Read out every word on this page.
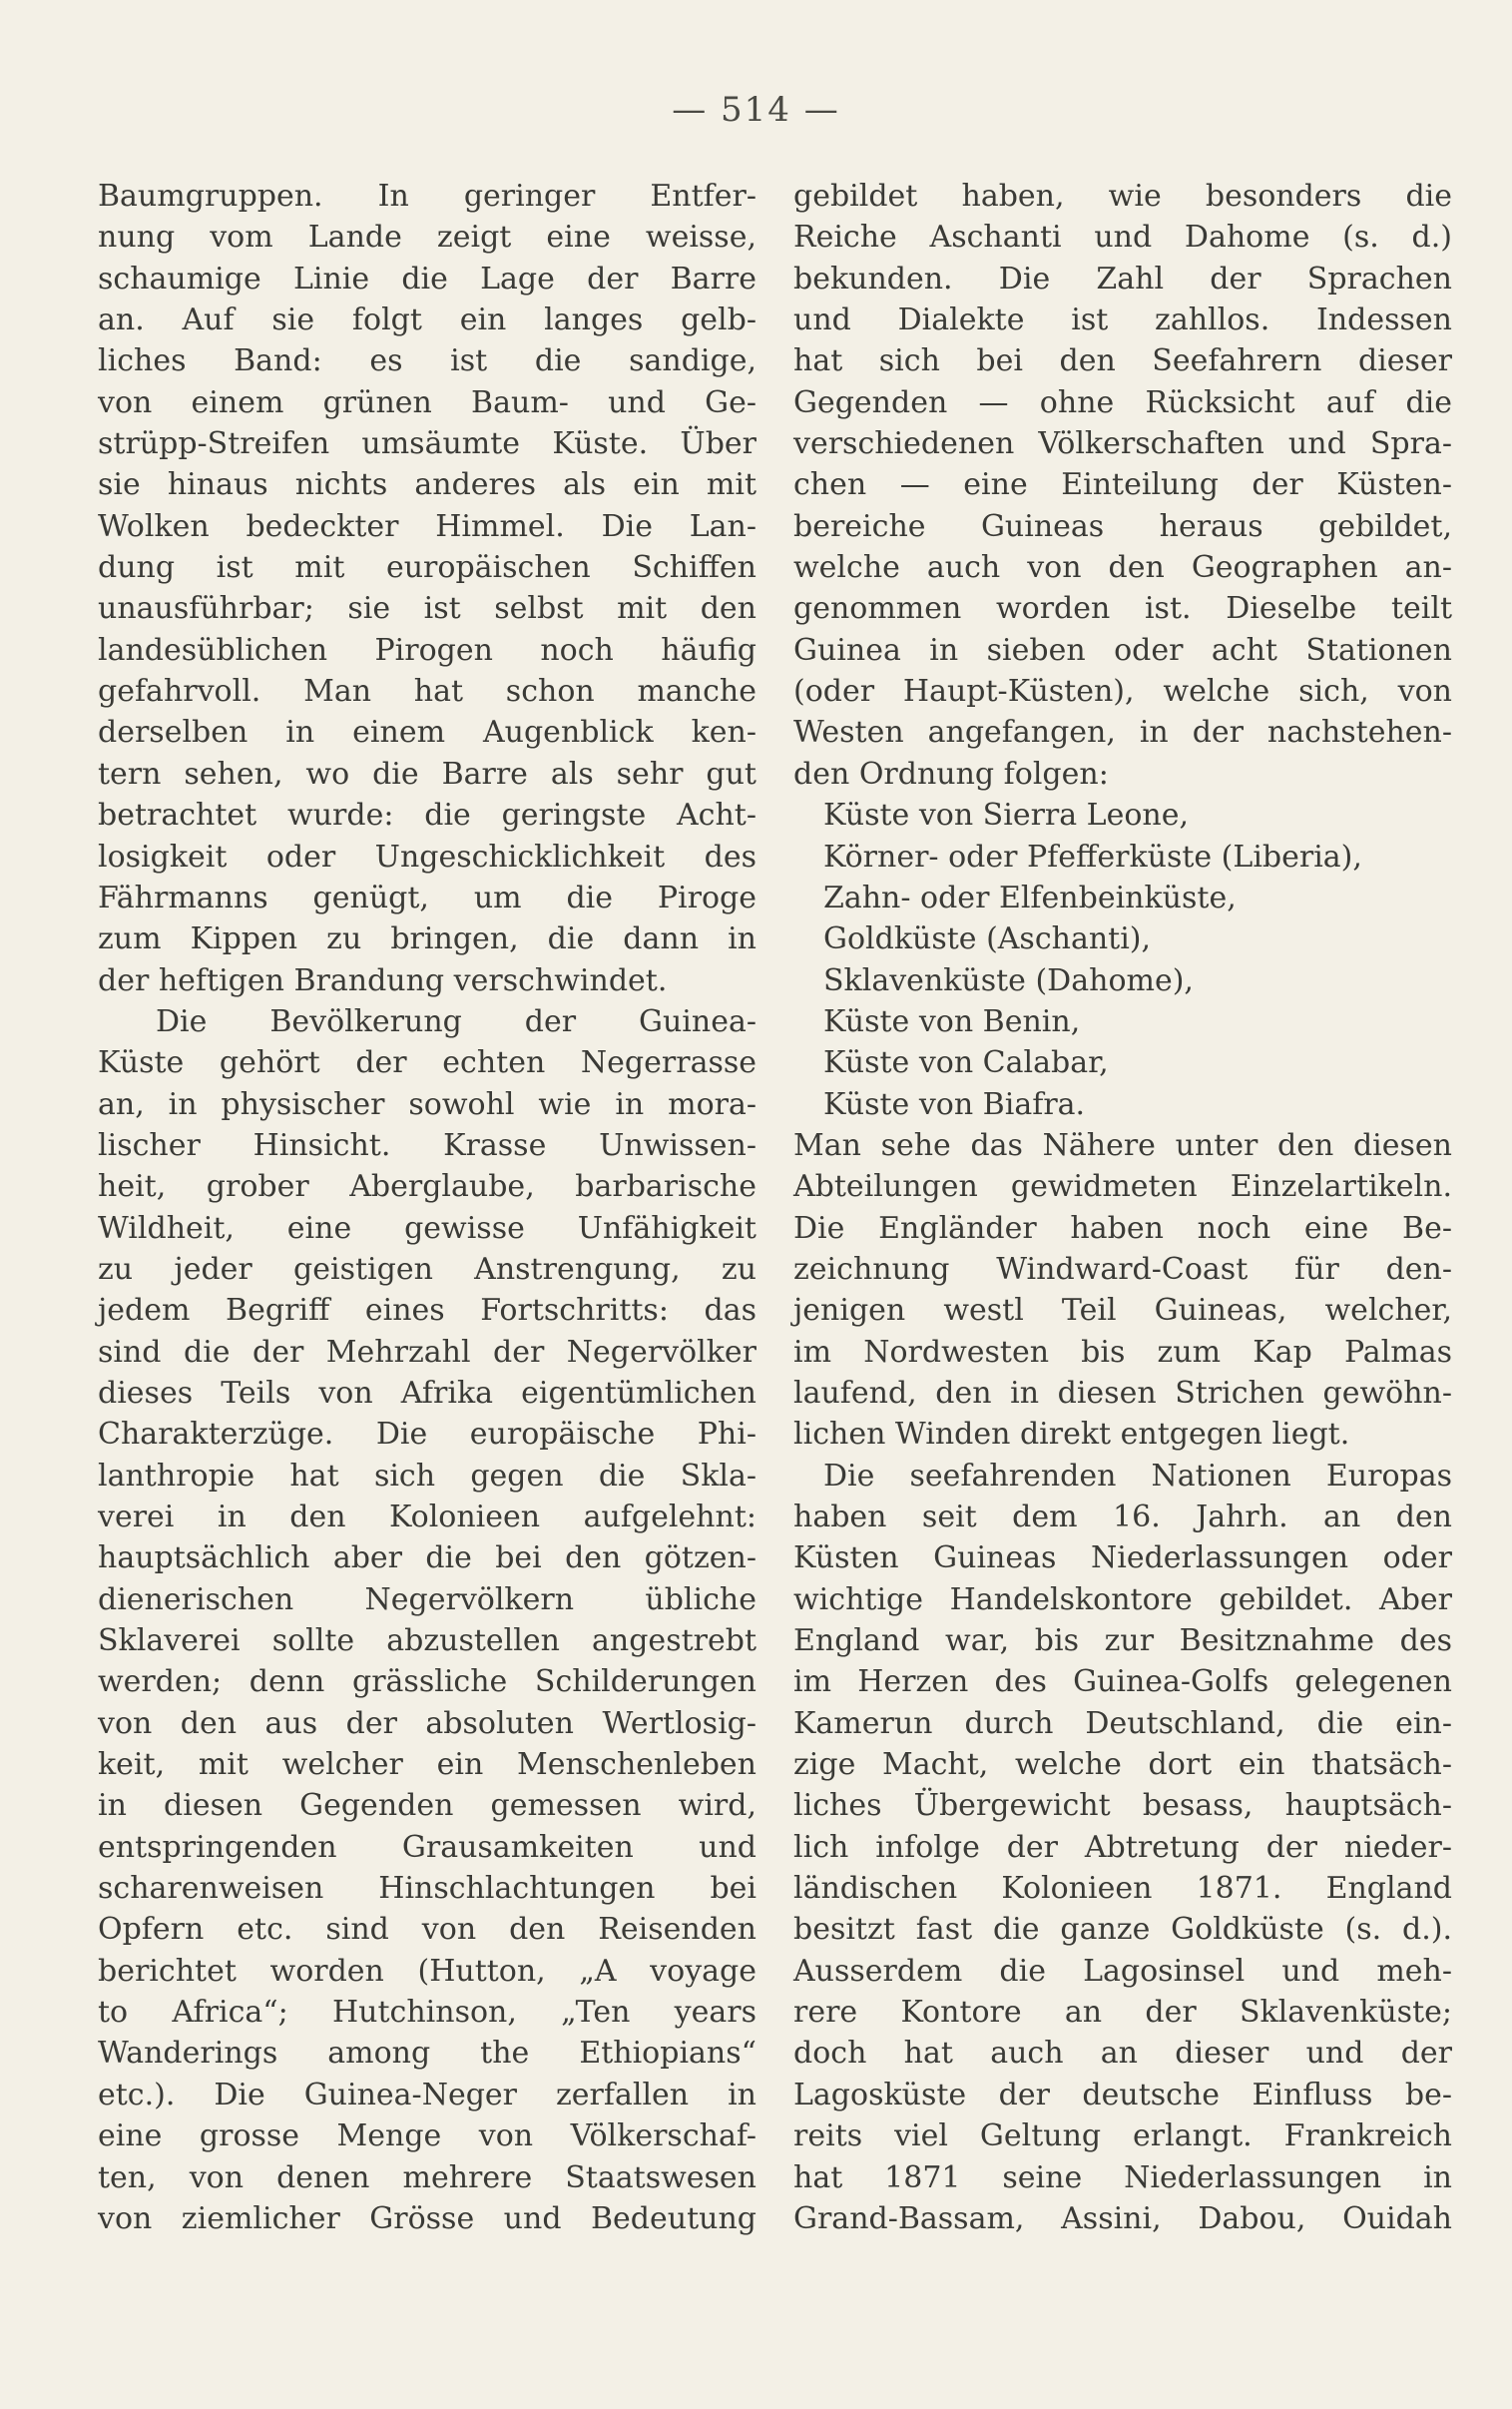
— 514 —
Baumgruppen. In geringer Entfer-
nung vom Lande zeigt eine weisse,
schaumige Linie die Lage der Barre
an. Auf sie folgt ein langes gelb-
liches Band: es ist die sandige,
von einem grünen Baum- und Ge-
strüpp-Streifen umsäumte Küste. Über
sie hinaus nichts anderes als ein mit
Wolken bedeckter Himmel. Die Lan-
dung ist mit europäischen Schiffen
unausführbar; sie ist selbst mit den
landesüblichen Pirogen noch häufig
gefahrvoll. Man hat schon manche
derselben in einem Augenblick ken-
tern sehen, wo die Barre als sehr gut
betrachtet wurde: die geringste Acht-
losigkeit oder Ungeschicklichkeit des
Fährmanns genügt, um die Piroge
zum Kippen zu bringen, die dann in
der heftigen Brandung verschwindet.
Die Bevölkerung der Guinea-
Küste gehört der echten Negerrasse
an, in physischer sowohl wie in mora-
lischer Hinsicht. Krasse Unwissen-
heit, grober Aberglaube, barbarische
Wildheit, eine gewisse Unfähigkeit
zu jeder geistigen Anstrengung, zu
jedem Begriff eines Fortschritts: das
sind die der Mehrzahl der Negervölker
dieses Teils von Afrika eigentümlichen
Charakterzüge. Die europäische Phi-
lanthropie hat sich gegen die Skla-
verei in den Kolonieen aufgelehnt:
hauptsächlich aber die bei den götzen-
dienerischen Negervölkern übliche
Sklaverei sollte abzustellen angestrebt
werden; denn grässliche Schilderungen
von den aus der absoluten Wertlosig-
keit, mit welcher ein Menschenleben
in diesen Gegenden gemessen wird,
entspringenden Grausamkeiten und
scharenweisen Hinschlachtungen bei
Opfern etc. sind von den Reisenden
berichtet worden (Hutton, „A voyage
to Africa“; Hutchinson, „Ten years
Wanderings among the Ethiopians“
etc.). Die Guinea-Neger zerfallen in
eine grosse Menge von Völkerschaf-
ten, von denen mehrere Staatswesen
von ziemlicher Grösse und Bedeutung
gebildet haben, wie besonders die
Reiche Aschanti und Dahome (s. d.)
bekunden. Die Zahl der Sprachen
und Dialekte ist zahllos. Indessen
hat sich bei den Seefahrern dieser
Gegenden — ohne Rücksicht auf die
verschiedenen Völkerschaften und Spra-
chen — eine Einteilung der Küsten-
bereiche Guineas heraus gebildet,
welche auch von den Geographen an-
genommen worden ist. Dieselbe teilt
Guinea in sieben oder acht Stationen
(oder Haupt-Küsten), welche sich, von
Westen angefangen, in der nachstehen-
den Ordnung folgen:
Küste von Sierra Leone,
Körner- oder Pfefferküste (Liberia),
Zahn- oder Elfenbeinküste,
Goldküste (Aschanti),
Sklavenküste (Dahome),
Küste von Benin,
Küste von Calabar,
Küste von Biafra.
Man sehe das Nähere unter den diesen
Abteilungen gewidmeten Einzelartikeln.
Die Engländer haben noch eine Be-
zeichnung Windward-Coast für den-
jenigen westl Teil Guineas, welcher,
im Nordwesten bis zum Kap Palmas
laufend, den in diesen Strichen gewöhn-
lichen Winden direkt entgegen liegt.
Die seefahrenden Nationen Europas
haben seit dem 16. Jahrh. an den
Küsten Guineas Niederlassungen oder
wichtige Handelskontore gebildet. Aber
England war, bis zur Besitznahme des
im Herzen des Guinea-Golfs gelegenen
Kamerun durch Deutschland, die ein-
zige Macht, welche dort ein thatsäch-
liches Übergewicht besass, hauptsäch-
lich infolge der Abtretung der nieder-
ländischen Kolonieen 1871. England
besitzt fast die ganze Goldküste (s. d.).
Ausserdem die Lagosinsel und meh-
rere Kontore an der Sklavenküste;
doch hat auch an dieser und der
Lagosküste der deutsche Einfluss be-
reits viel Geltung erlangt. Frankreich
hat 1871 seine Niederlassungen in
Grand-Bassam, Assini, Dabou, Ouidah
